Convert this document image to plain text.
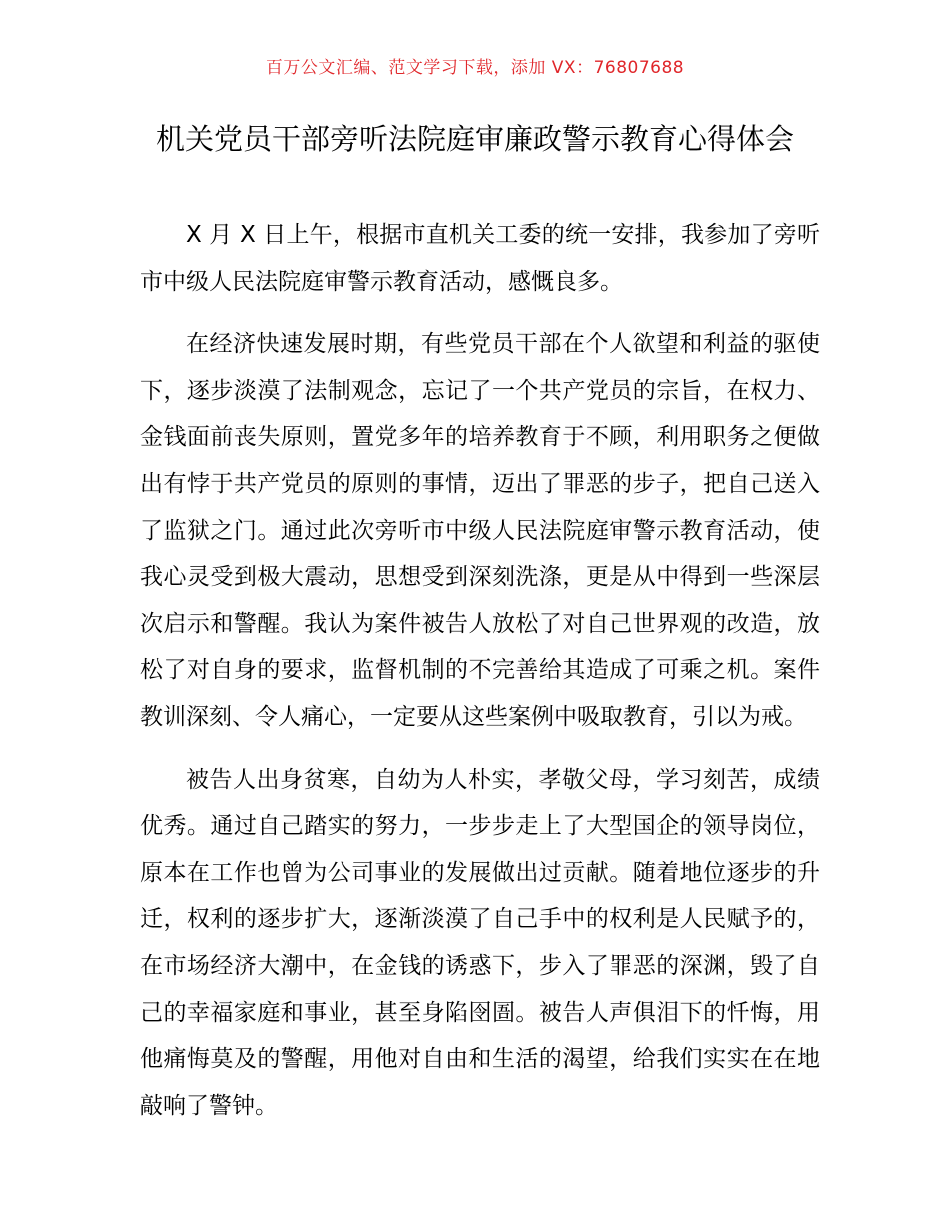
百万公文汇编、范文学习下载，添加 VX：76807688
机关党员干部旁听法院庭审廉政警示教育心得体会

X 月 X 日上午，根据市直机关工委的统一安排，我参加了旁听市中级人民法院庭审警示教育活动，感慨良多。

在经济快速发展时期，有些党员干部在个人欲望和利益的驱使下，逐步淡漠了法制观念，忘记了一个共产党员的宗旨，在权力、金钱面前丧失原则，置党多年的培养教育于不顾，利用职务之便做出有悖于共产党员的原则的事情，迈出了罪恶的步子，把自己送入了监狱之门。通过此次旁听市中级人民法院庭审警示教育活动，使我心灵受到极大震动，思想受到深刻洗涤，更是从中得到一些深层次启示和警醒。我认为案件被告人放松了对自己世界观的改造，放松了对自身的要求，监督机制的不完善给其造成了可乘之机。案件教训深刻、令人痛心，一定要从这些案例中吸取教育，引以为戒。

被告人出身贫寒，自幼为人朴实，孝敬父母，学习刻苦，成绩优秀。通过自己踏实的努力，一步步走上了大型国企的领导岗位，原本在工作也曾为公司事业的发展做出过贡献。随着地位逐步的升迁，权利的逐步扩大，逐渐淡漠了自己手中的权利是人民赋予的，在市场经济大潮中，在金钱的诱惑下，步入了罪恶的深渊，毁了自己的幸福家庭和事业，甚至身陷囹圄。被告人声俱泪下的忏悔，用他痛悔莫及的警醒，用他对自由和生活的渴望，给我们实实在在地敲响了警钟。
